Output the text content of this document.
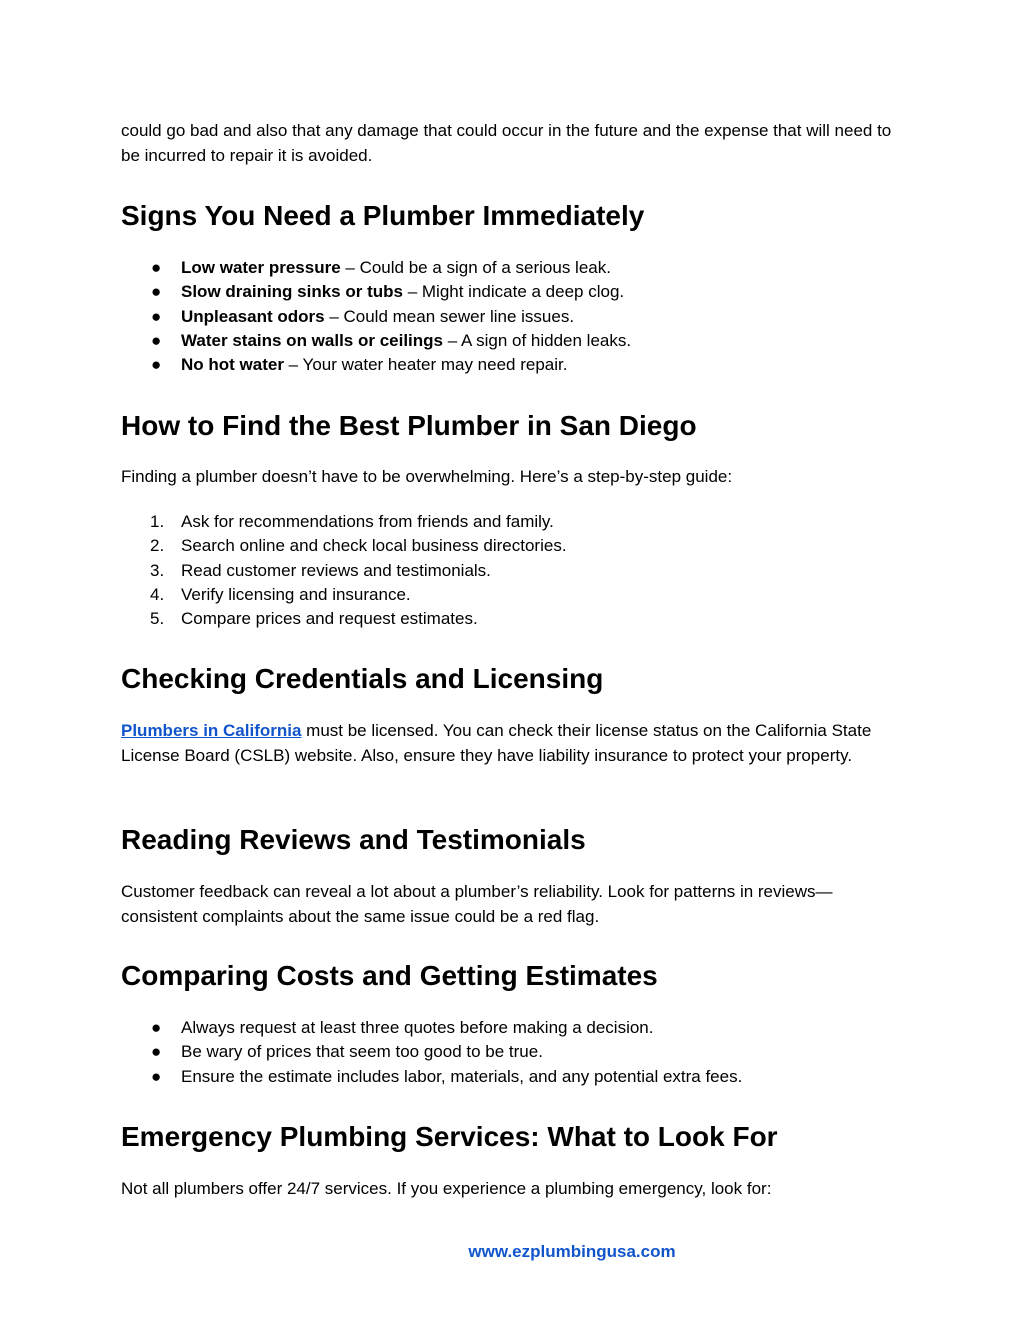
could go bad and also that any damage that could occur in the future and the expense that will need to be incurred to repair it is avoided.

Signs You Need a Plumber Immediately
● Low water pressure – Could be a sign of a serious leak.
● Slow draining sinks or tubs – Might indicate a deep clog.
● Unpleasant odors – Could mean sewer line issues.
● Water stains on walls or ceilings – A sign of hidden leaks.
● No hot water – Your water heater may need repair.
How to Find the Best Plumber in San Diego

Finding a plumber doesn’t have to be overwhelming. Here’s a step-by-step guide:

1. Ask for recommendations from friends and family.
2. Search online and check local business directories.
3. Read customer reviews and testimonials.
4. Verify licensing and insurance.
5. Compare prices and request estimates.
Checking Credentials and Licensing

Plumbers in California must be licensed. You can check their license status on the California State License Board (CSLB) website. Also, ensure they have liability insurance to protect your property.

Reading Reviews and Testimonials

Customer feedback can reveal a lot about a plumber’s reliability. Look for patterns in reviews—consistent complaints about the same issue could be a red flag.

Comparing Costs and Getting Estimates
● Always request at least three quotes before making a decision.
● Be wary of prices that seem too good to be true.
● Ensure the estimate includes labor, materials, and any potential extra fees.
Emergency Plumbing Services: What to Look For

Not all plumbers offer 24/7 services. If you experience a plumbing emergency, look for:

www.ezplumbingusa.com
